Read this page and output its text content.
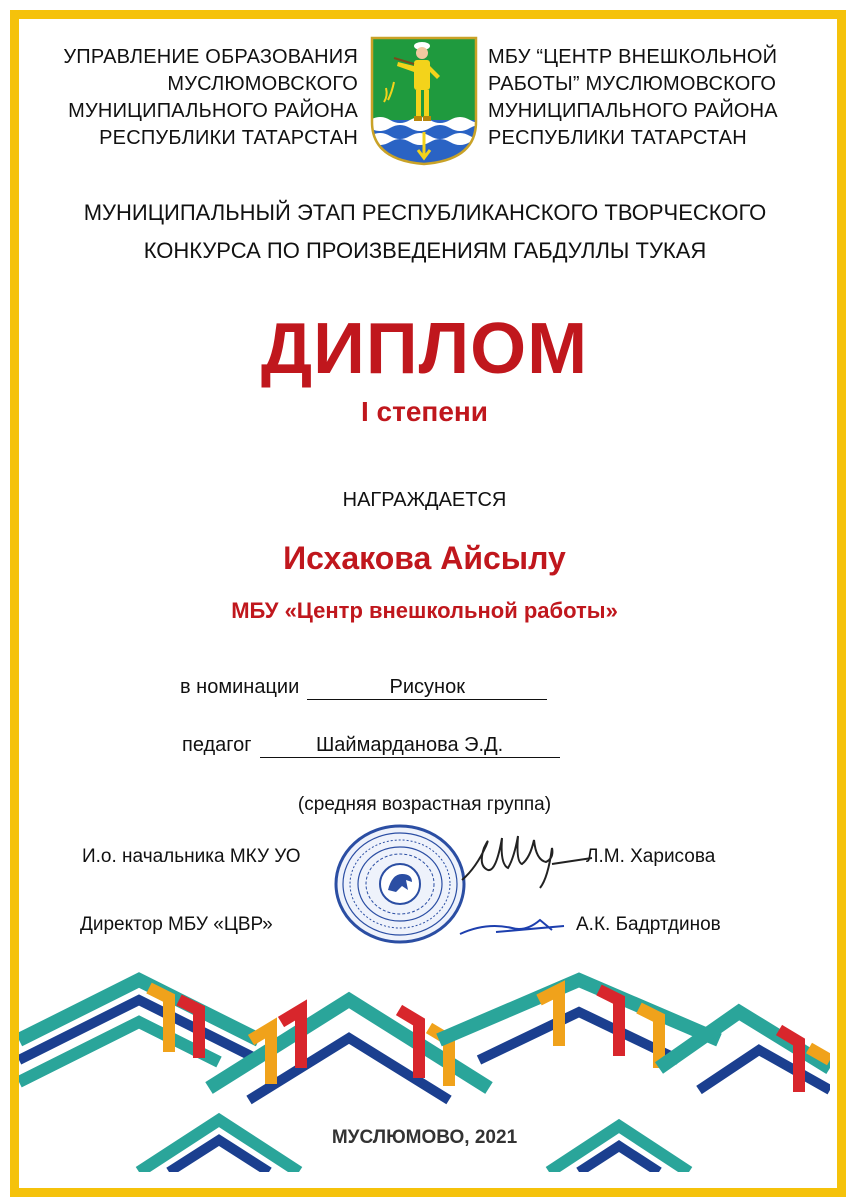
УПРАВЛЕНИЕ ОБРАЗОВАНИЯ
МУСЛЮМОВСКОГО
МУНИЦИПАЛЬНОГО РАЙОНА
РЕСПУБЛИКИ ТАТАРСТАН
МБУ “ЦЕНТР ВНЕШКОЛЬНОЙ
РАБОТЫ” МУСЛЮМОВСКОГО
МУНИЦИПАЛЬНОГО РАЙОНА
РЕСПУБЛИКИ ТАТАРСТАН
МУНИЦИПАЛЬНЫЙ ЭТАП РЕСПУБЛИКАНСКОГО ТВОРЧЕСКОГО
КОНКУРСА ПО ПРОИЗВЕДЕНИЯМ ГАБДУЛЛЫ ТУКАЯ
ДИПЛОМ
I степени
НАГРАЖДАЕТСЯ
Исхакова Айсылу
МБУ «Центр внешкольной работы»
в номинации	Рисунок
педагог	Шаймарданова Э.Д.
(средняя возрастная группа)
И.о. начальника МКУ УО	Л.М. Харисова
Директор МБУ «ЦВР»	А.К. Бадртдинов
МУСЛЮМОВО, 2021
